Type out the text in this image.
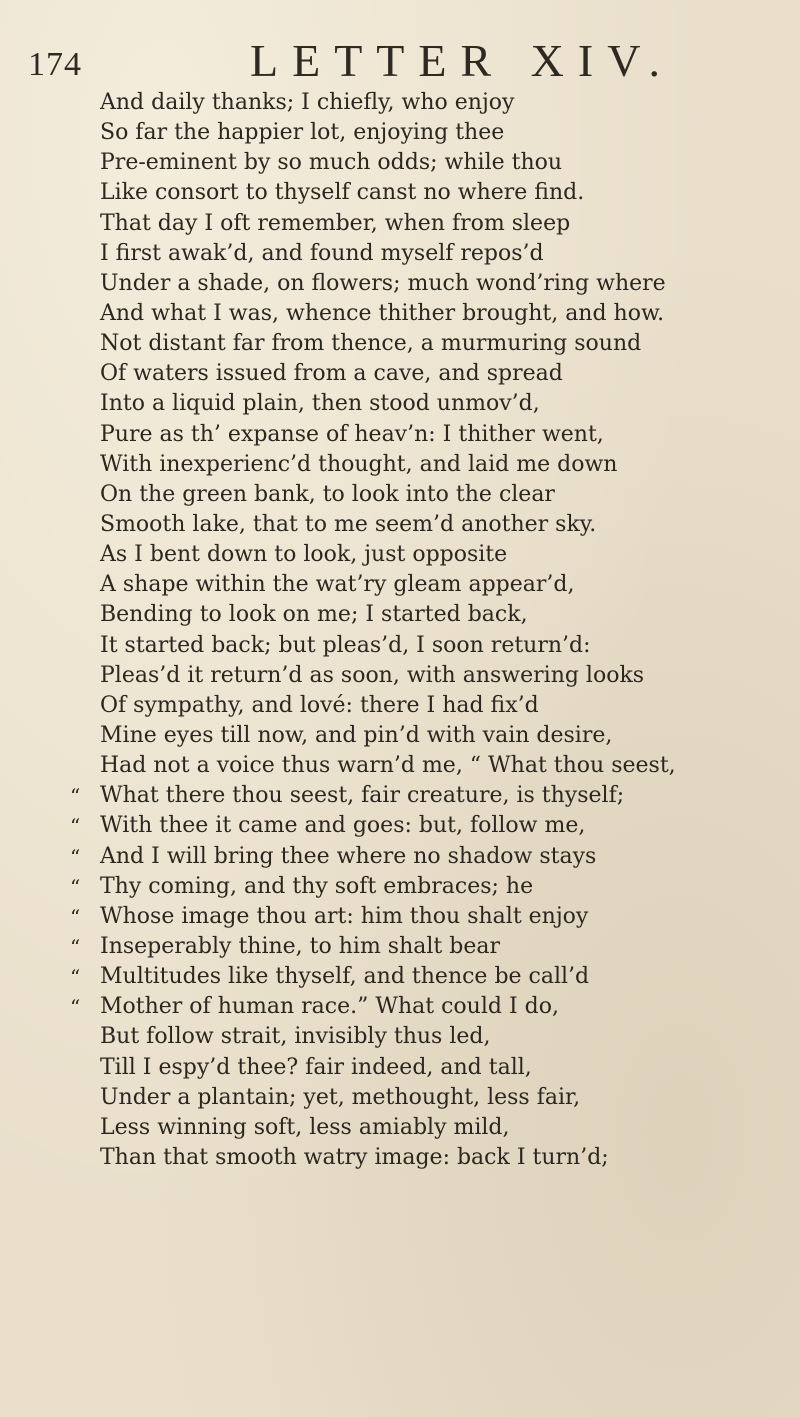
174	LETTER XIV.
And daily thanks; I chiefly, who enjoy
So far the happier lot, enjoying thee
Pre-eminent by so much odds; while thou
Like consort to thyself canst no where find.
That day I oft remember, when from sleep
I first awak’d, and found myself repos’d
Under a shade, on flowers; much wond’ring where
And what I was, whence thither brought, and how.
Not distant far from thence, a murmuring sound
Of waters issued from a cave, and spread
Into a liquid plain, then stood unmov’d,
Pure as th’ expanse of heav’n: I thither went,
With inexperienc’d thought, and laid me down
On the green bank, to look into the clear
Smooth lake, that to me seem’d another sky.
As I bent down to look, just opposite
A shape within the wat’ry gleam appear’d,
Bending to look on me; I started back,
It started back; but pleas’d, I soon return’d:
Pleas’d it return’d as soon, with answering looks
Of sympathy, and lové: there I had fix’d
Mine eyes till now, and pin’d with vain desire,
Had not a voice thus warn’d me, “ What thou seest,
“ What there thou seest, fair creature, is thyself;
“ With thee it came and goes: but, follow me,
“ And I will bring thee where no shadow stays
“ Thy coming, and thy soft embraces; he
“ Whose image thou art: him thou shalt enjoy
“ Inseperably thine, to him shalt bear
“ Multitudes like thyself, and thence be call’d
“ Mother of human race.” What could I do,
But follow strait, invisibly thus led,
Till I espy’d thee? fair indeed, and tall,
Under a plantain; yet, methought, less fair,
Less winning soft, less amiably mild,
Than that smooth watry image: back I turn’d;
